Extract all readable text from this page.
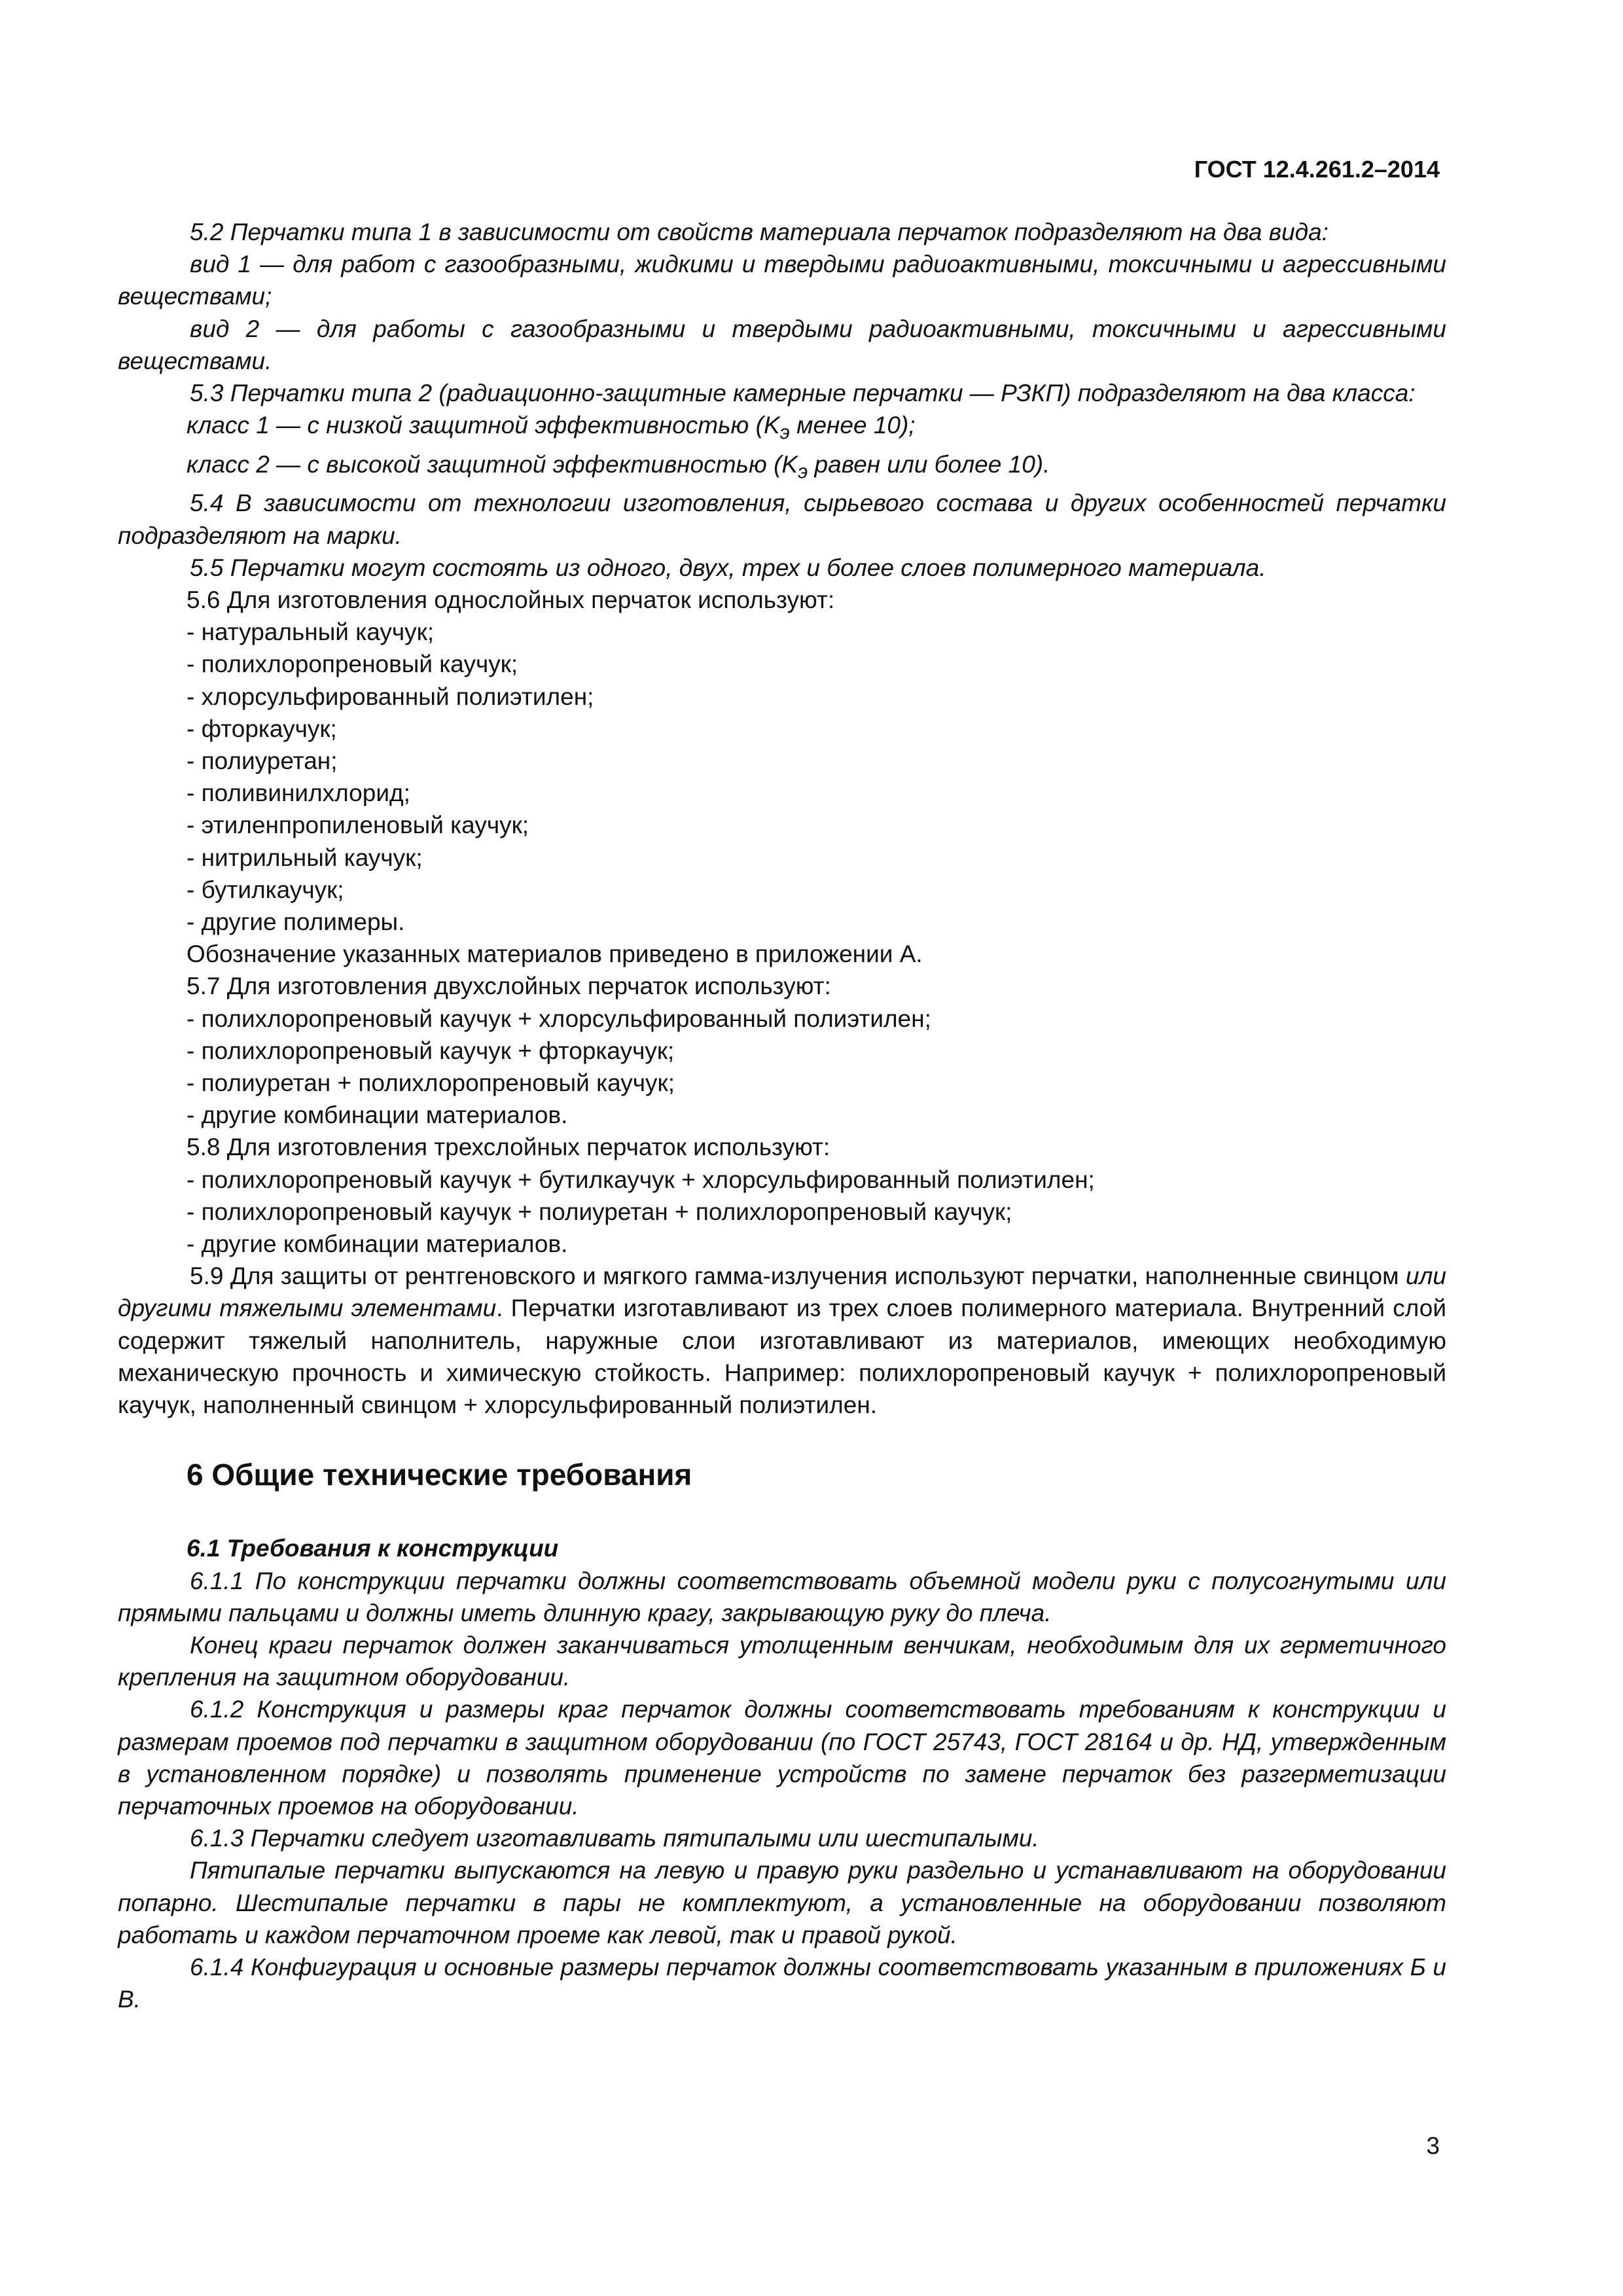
ГОСТ 12.4.261.2–2014

5.2 Перчатки типа 1 в зависимости от свойств материала перчаток подразделяют на два вида:

вид 1 — для работ с газообразными, жидкими и твердыми радиоактивными, токсичными и агрессивными веществами;

вид 2 — для работы с газообразными и твердыми радиоактивными, токсичными и агрессивными веществами.

5.3 Перчатки типа 2 (радиационно-защитные камерные перчатки — РЗКП) подразделяют на два класса:

класс 1 — с низкой защитной эффективностью ($K_э$ менее 10);

класс 2 — с высокой защитной эффективностью ($K_э$ равен или более 10).

5.4 В зависимости от технологии изготовления, сырьевого состава и других особенностей перчатки подразделяют на марки.

5.5 Перчатки могут состоять из одного, двух, трех и более слоев полимерного материала.

5.6 Для изготовления однослойных перчаток используют:

- натуральный каучук;

- полихлоропреновый каучук;

- хлорсульфированный полиэтилен;

- фторкаучук;

- полиуретан;

- поливинилхлорид;

- этиленпропиленовый каучук;

- нитрильный каучук;

- бутилкаучук;

- другие полимеры.

Обозначение указанных материалов приведено в приложении А.

5.7 Для изготовления двухслойных перчаток используют:

- полихлоропреновый каучук + хлорсульфированный полиэтилен;

- полихлоропреновый каучук + фторкаучук;

- полиуретан + полихлоропреновый каучук;

- другие комбинации материалов.

5.8 Для изготовления трехслойных перчаток используют:

- полихлоропреновый каучук + бутилкаучук + хлорсульфированный полиэтилен;

- полихлоропреновый каучук + полиуретан + полихлоропреновый каучук;

- другие комбинации материалов.

5.9 Для защиты от рентгеновского и мягкого гамма-излучения используют перчатки, наполненные свинцом или другими тяжелыми элементами. Перчатки изготавливают из трех слоев полимерного материала. Внутренний слой содержит тяжелый наполнитель, наружные слои изготавливают из материалов, имеющих необходимую механическую прочность и химическую стойкость. Например: полихлоропреновый каучук + полихлоропреновый каучук, наполненный свинцом + хлорсульфированный полиэтилен.

6 Общие технические требования

6.1 Требования к конструкции

6.1.1 По конструкции перчатки должны соответствовать объемной модели руки с полусогнутыми или прямыми пальцами и должны иметь длинную крагу, закрывающую руку до плеча.

Конец краги перчаток должен заканчиваться утолщенным венчикам, необходимым для их герметичного крепления на защитном оборудовании.

6.1.2 Конструкция и размеры краг перчаток должны соответствовать требованиям к конструкции и размерам проемов под перчатки в защитном оборудовании (по ГОСТ 25743, ГОСТ 28164 и др. НД, утвержденным в установленном порядке) и позволять применение устройств по замене перчаток без разгерметизации перчаточных проемов на оборудовании.

6.1.3 Перчатки следует изготавливать пятипалыми или шестипалыми.

Пятипалые перчатки выпускаются на левую и правую руки раздельно и устанавливают на оборудовании попарно. Шестипалые перчатки в пары не комплектуют, а установленные на оборудовании позволяют работать и каждом перчаточном проеме как левой, так и правой рукой.

6.1.4 Конфигурация и основные размеры перчаток должны соответствовать указанным в приложениях Б и В.

3
